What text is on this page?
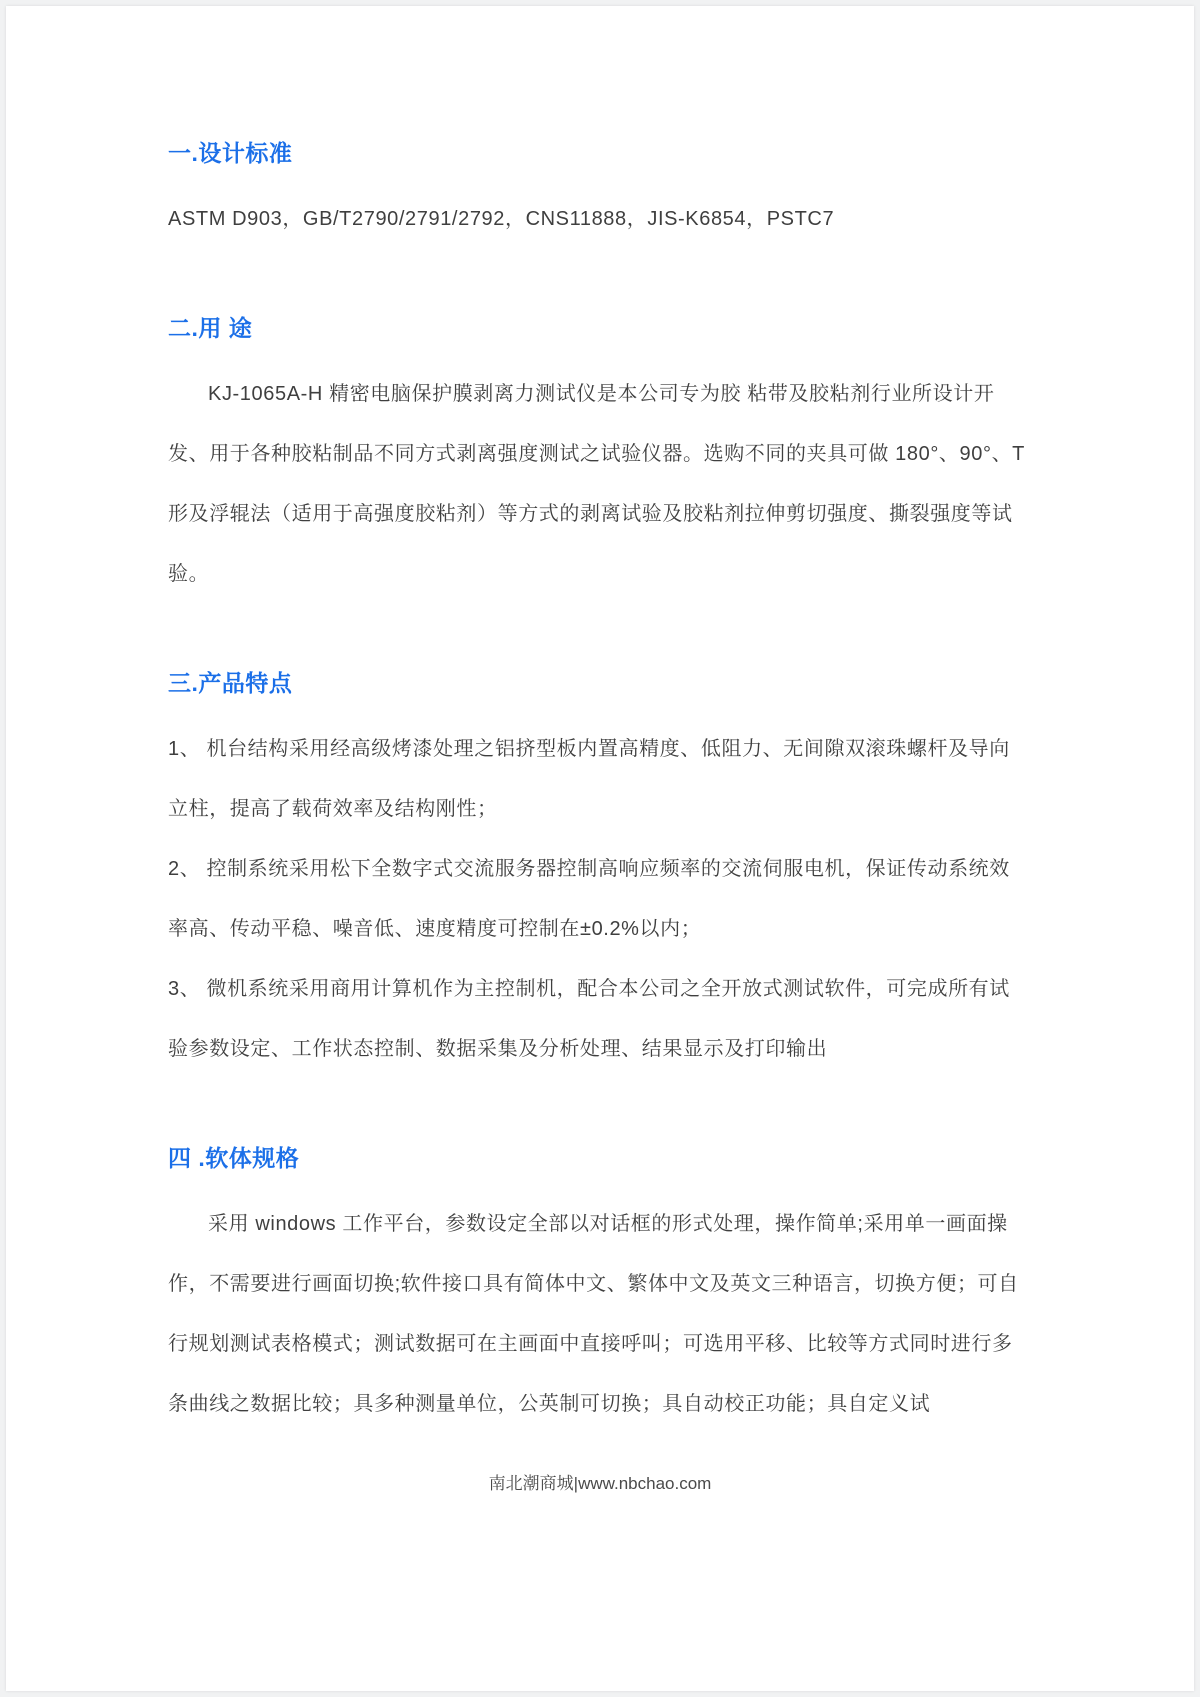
一.设计标准

ASTM D903，GB/T2790/2791/2792，CNS11888，JIS-K6854，PSTC7

二.用 途

KJ-1065A-H 精密电脑保护膜剥离力测试仪是本公司专为胶 粘带及胶粘剂行业所设计开发、用于各种胶粘制品不同方式剥离强度测试之试验仪器。选购不同的夹具可做 180°、90°、T 形及浮辊法（适用于高强度胶粘剂）等方式的剥离试验及胶粘剂拉伸剪切强度、撕裂强度等试验。

三.产品特点

1、 机台结构采用经高级烤漆处理之铝挤型板内置高精度、低阻力、无间隙双滚珠螺杆及导向立柱，提高了载荷效率及结构刚性；

2、 控制系统采用松下全数字式交流服务器控制高响应频率的交流伺服电机，保证传动系统效率高、传动平稳、噪音低、速度精度可控制在±0.2%以内；

3、 微机系统采用商用计算机作为主控制机，配合本公司之全开放式测试软件，可完成所有试验参数设定、工作状态控制、数据采集及分析处理、结果显示及打印输出

四 .软体规格

采用 windows 工作平台，参数设定全部以对话框的形式处理，操作简单;采用单一画面操作，不需要进行画面切换;软件接口具有简体中文、繁体中文及英文三种语言，切换方便；可自行规划测试表格模式；测试数据可在主画面中直接呼叫；可选用平移、比较等方式同时进行多条曲线之数据比较；具多种测量单位，公英制可切换；具自动校正功能；具自定义试

南北潮商城|www.nbchao.com
